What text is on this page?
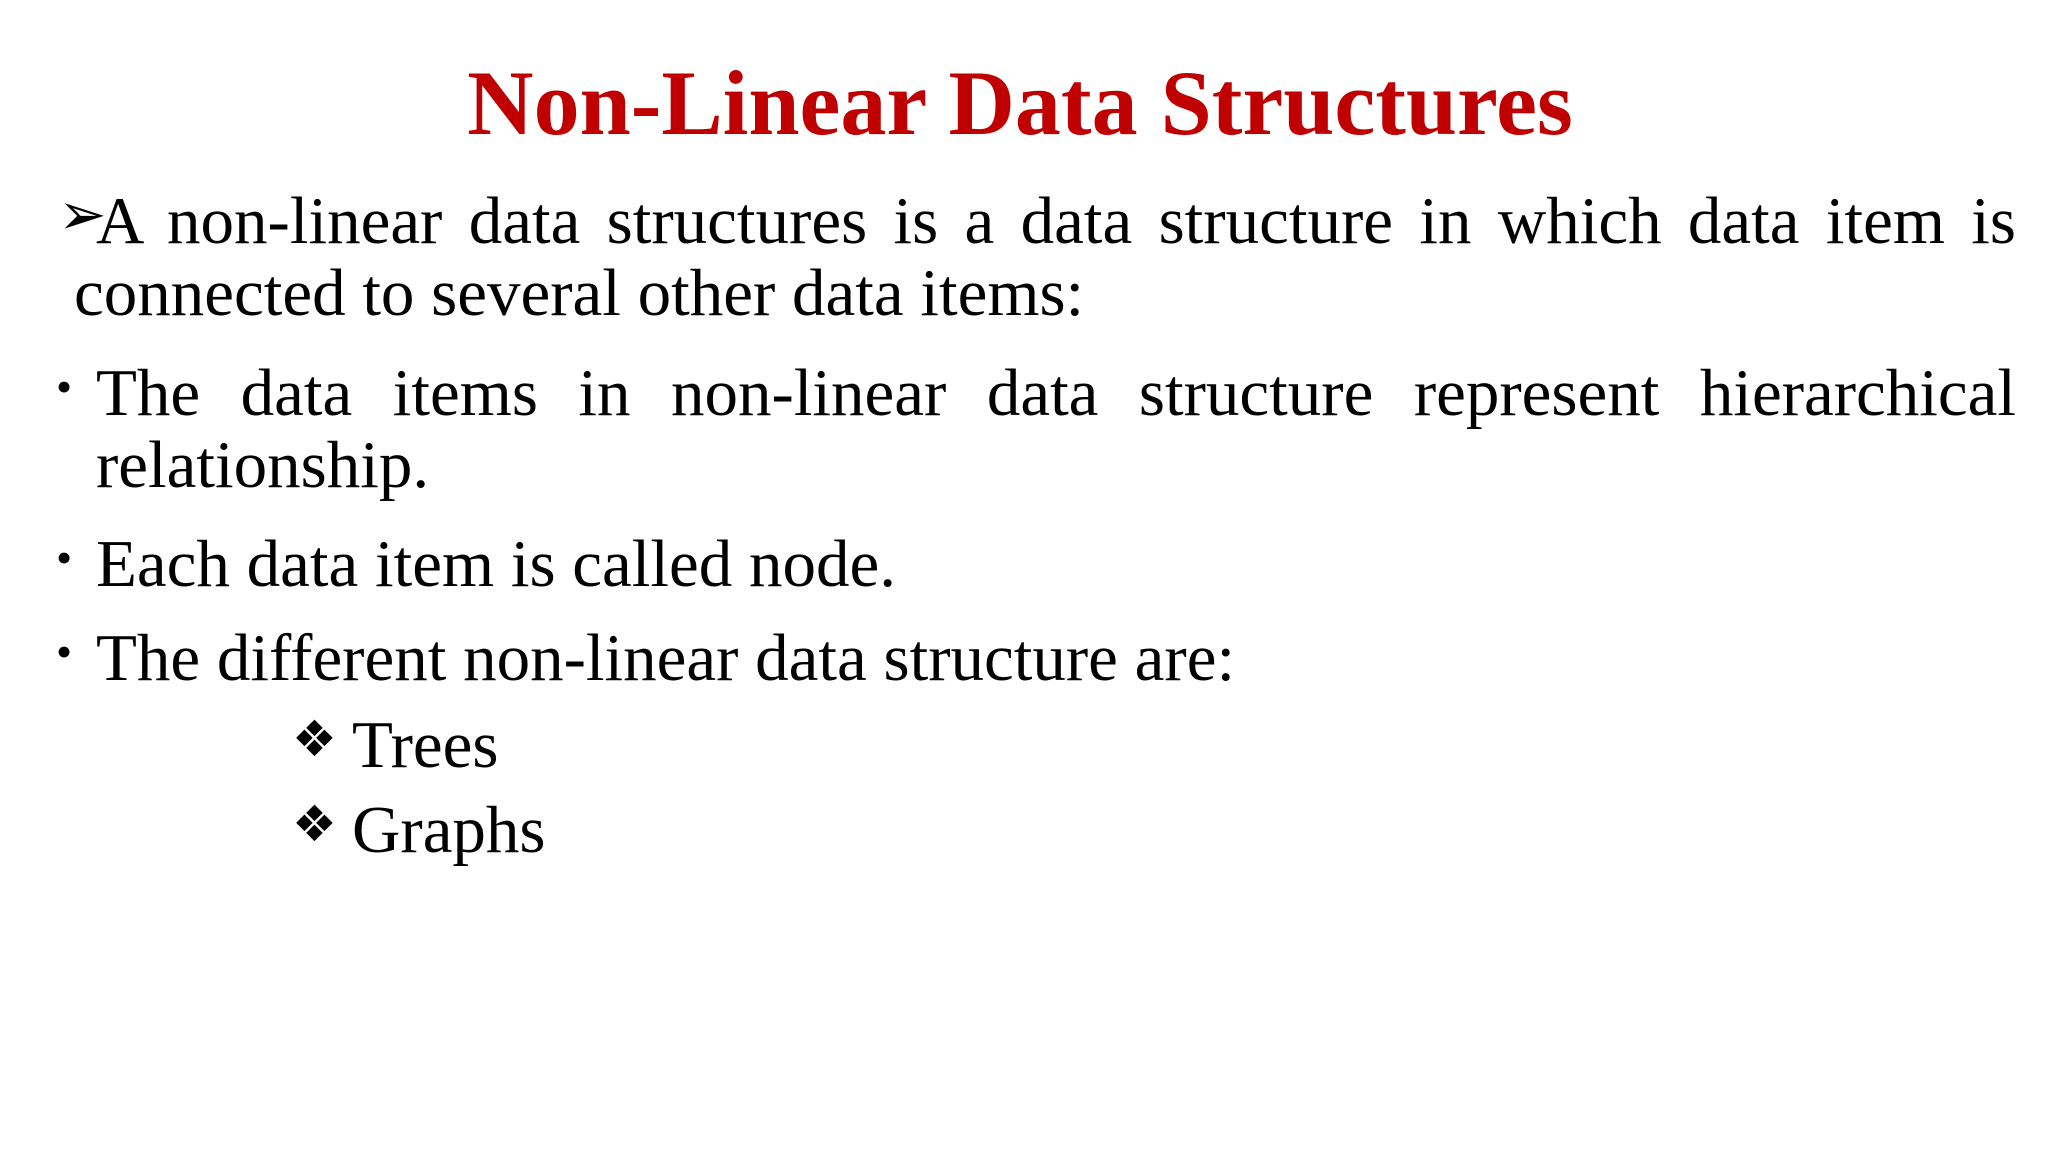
Non-Linear Data Structures
➢
A non-linear data structures is a data structure in which data item is connected to several other data items:
• The data items in non-linear data structure represent hierarchical relationship.
• Each data item is called node.
• The different non-linear data structure are:
❖ Trees
❖ Graphs
